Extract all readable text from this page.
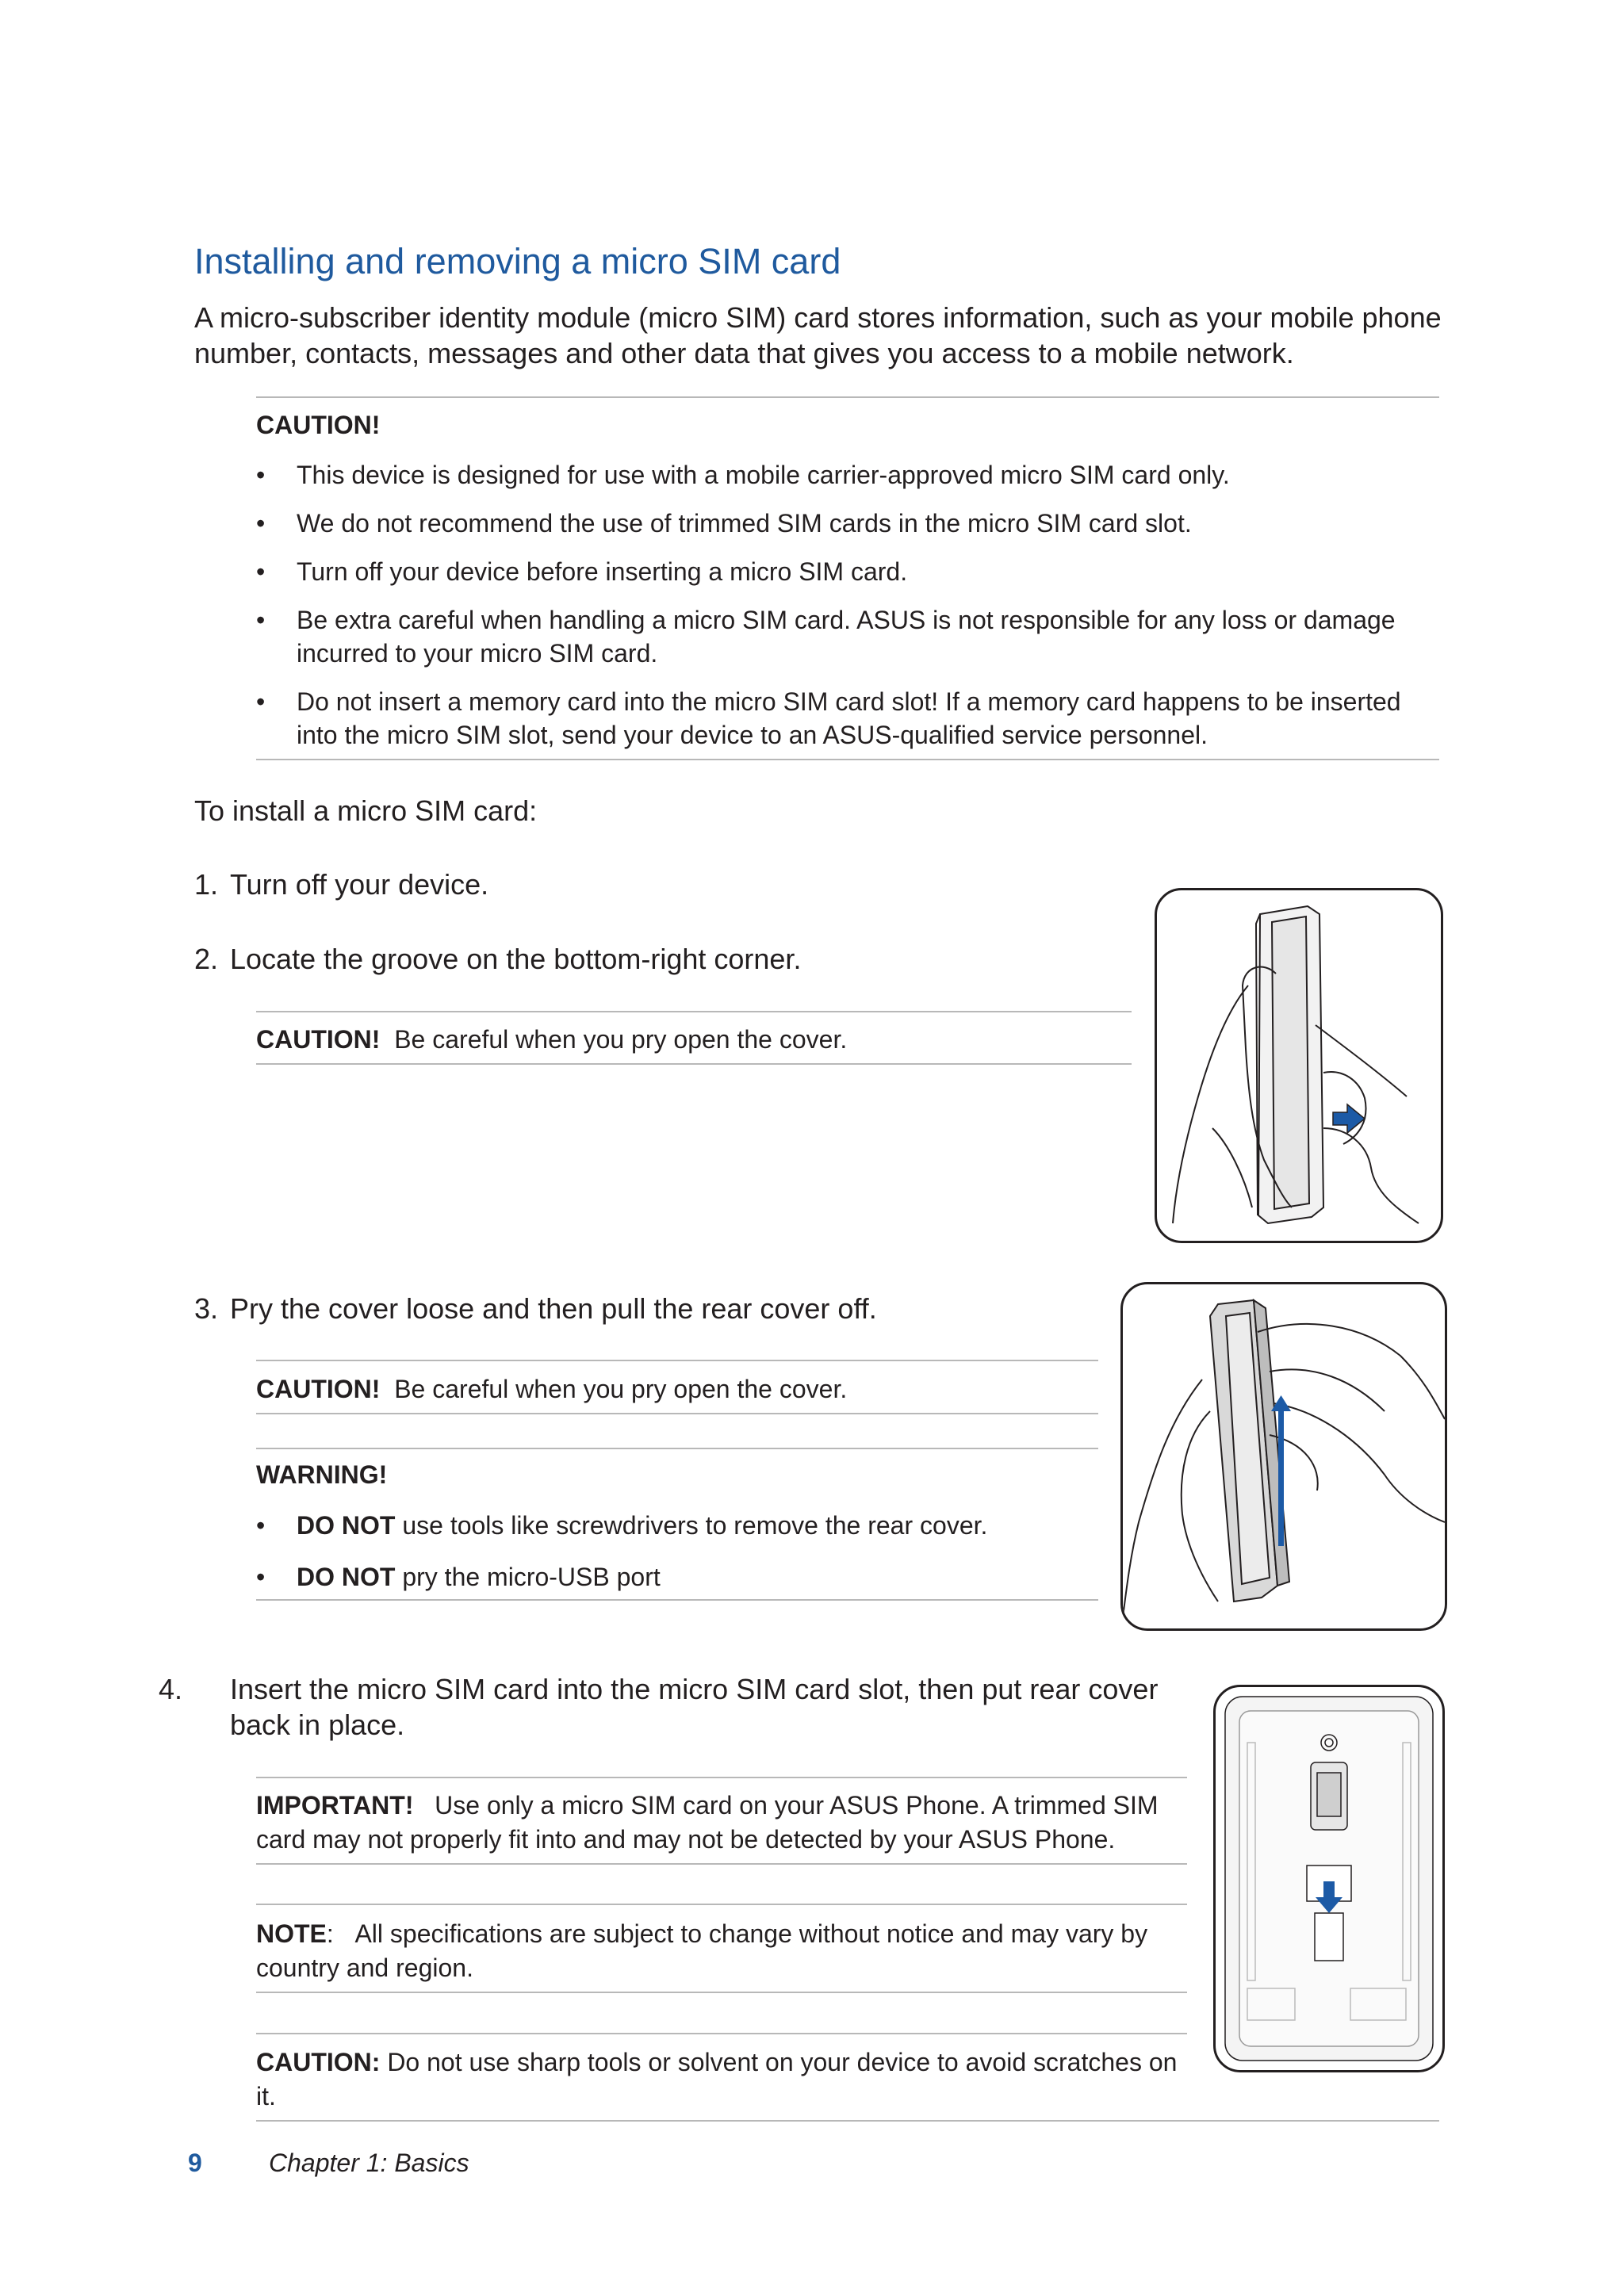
Installing and removing a micro SIM card
A micro-subscriber identity module (micro SIM) card stores information, such as your mobile phone number, contacts, messages and other data that gives you access to a mobile network.
CAUTION!
• This device is designed for use with a mobile carrier-approved micro SIM card only.
• We do not recommend the use of trimmed SIM cards in the micro SIM card slot.
• Turn off your device before inserting a micro SIM card.
• Be extra careful when handling a micro SIM card. ASUS is not responsible for any loss or damage incurred to your micro SIM card.
• Do not insert a memory card into the micro SIM card slot! If a memory card happens to be inserted into the micro SIM slot, send your device to an ASUS-qualified service personnel.
To install a micro SIM card:
1. Turn off your device.
2. Locate the groove on the bottom-right corner.
CAUTION! Be careful when you pry open the cover.
3. Pry the cover loose and then pull the rear cover off.
CAUTION! Be careful when you pry open the cover.
WARNING!
• DO NOT use tools like screwdrivers to remove the rear cover.
• DO NOT pry the micro-USB port
4. Insert the micro SIM card into the micro SIM card slot, then put rear cover back in place.
IMPORTANT! Use only a micro SIM card on your ASUS Phone. A trimmed SIM card may not properly fit into and may not be detected by your ASUS Phone.
NOTE:   All specifications are subject to change without notice and may vary by country and region.
CAUTION: Do not use sharp tools or solvent on your device to avoid scratches on it.
9	Chapter 1: Basics
